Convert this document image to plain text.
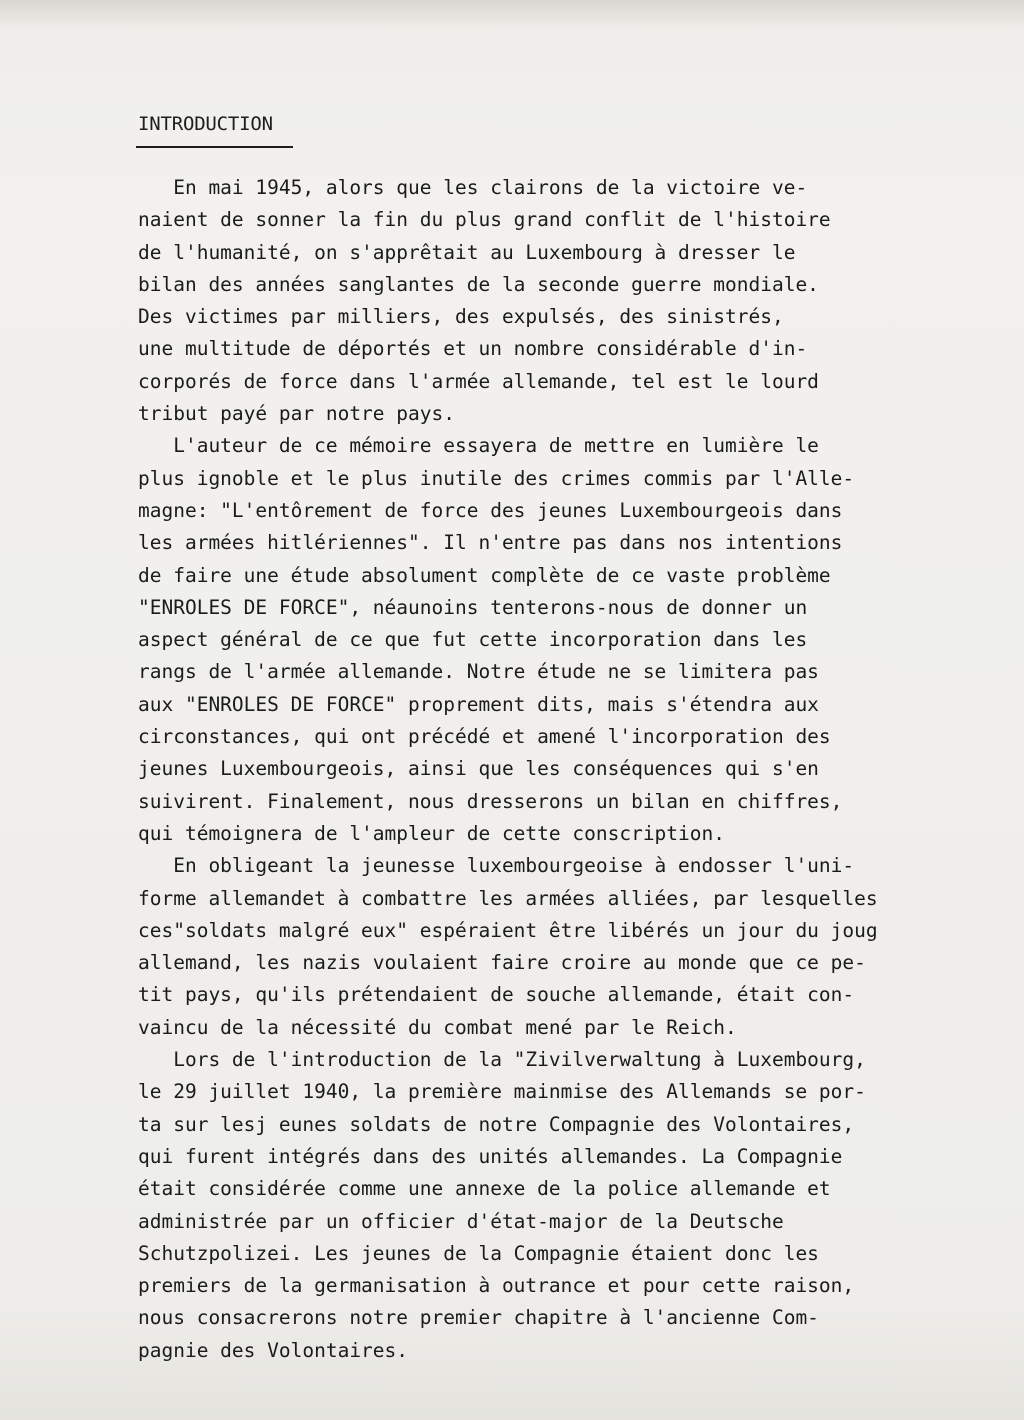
INTRODUCTION
En mai 1945, alors que les clairons de la victoire ve-
naient de sonner la fin du plus grand conflit de l'histoire
de l'humanité, on s'apprêtait au Luxembourg à dresser le
bilan des années sanglantes de la seconde guerre mondiale.
Des victimes par milliers, des expulsés, des sinistrés,
une multitude de déportés et un nombre considérable d'in-
corporés de force dans l'armée allemande, tel est le lourd
tribut payé par notre pays.
L'auteur de ce mémoire essayera de mettre en lumière le
plus ignoble et le plus inutile des crimes commis par l'Alle-
magne: "L'entôrement de force des jeunes Luxembourgeois dans
les armées hitlériennes". Il n'entre pas dans nos intentions
de faire une étude absolument complète de ce vaste problème
"ENROLES DE FORCE", néaunoins tenterons-nous de donner un
aspect général de ce que fut cette incorporation dans les
rangs de l'armée allemande. Notre étude ne se limitera pas
aux "ENROLES DE FORCE" proprement dits, mais s'étendra aux
circonstances, qui ont précédé et amené l'incorporation des
jeunes Luxembourgeois, ainsi que les conséquences qui s'en
suivirent. Finalement, nous dresserons un bilan en chiffres,
qui témoignera de l'ampleur de cette conscription.
En obligeant la jeunesse luxembourgeoise à endosser l'uni-
forme allemandet à combattre les armées alliées, par lesquelles
ces"soldats malgré eux" espéraient être libérés un jour du joug
allemand, les nazis voulaient faire croire au monde que ce pe-
tit pays, qu'ils prétendaient de souche allemande, était con-
vaincu de la nécessité du combat mené par le Reich.
Lors de l'introduction de la "Zivilverwaltung à Luxembourg,
le 29 juillet 1940, la première mainmise des Allemands se por-
ta sur lesj eunes soldats de notre Compagnie des Volontaires,
qui furent intégrés dans des unités allemandes. La Compagnie
était considérée comme une annexe de la police allemande et
administrée par un officier d'état-major de la Deutsche
Schutzpolizei. Les jeunes de la Compagnie étaient donc les
premiers de la germanisation à outrance et pour cette raison,
nous consacrerons notre premier chapitre à l'ancienne Com-
pagnie des Volontaires.
